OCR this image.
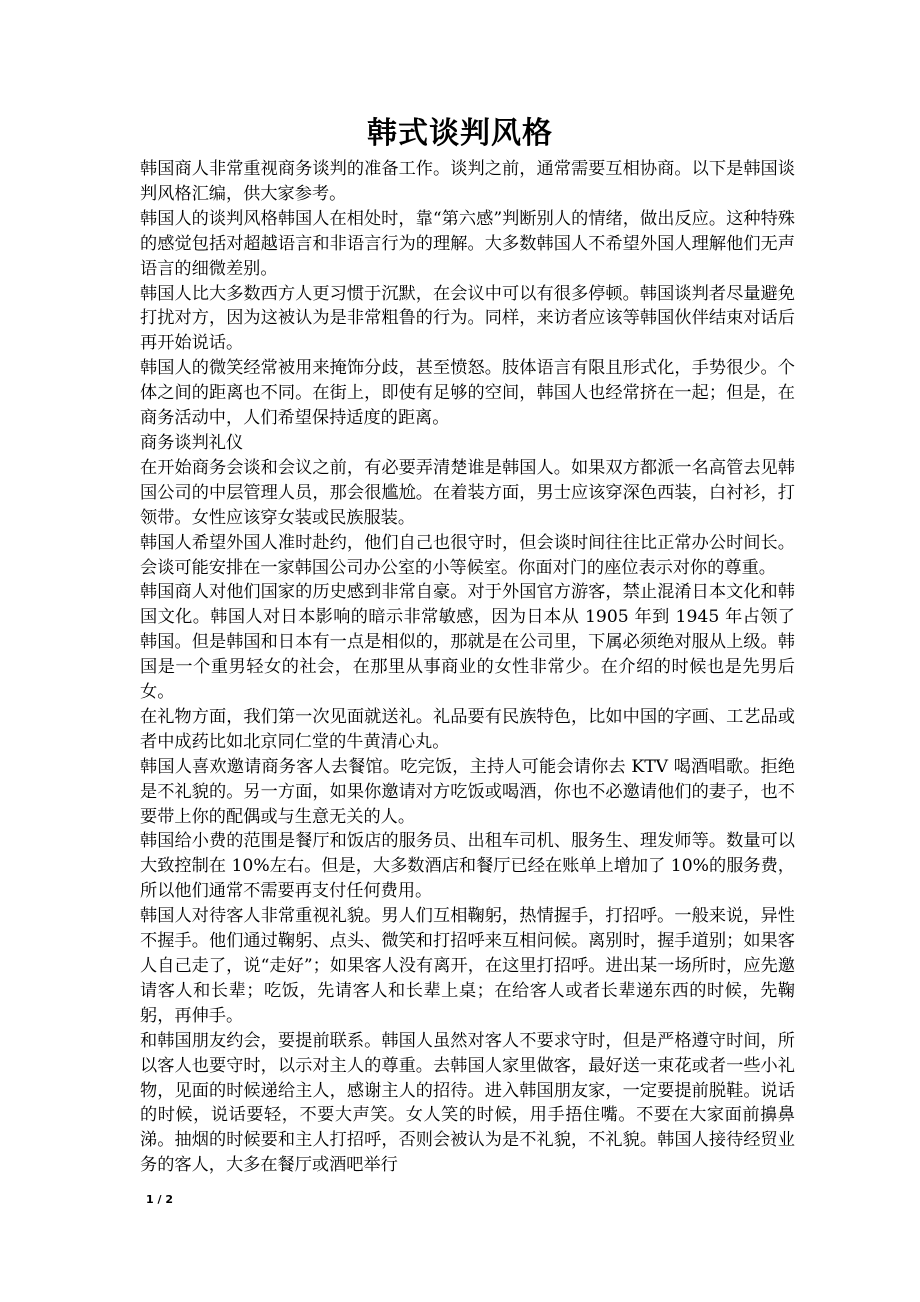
韩式谈判风格

韩国商人非常重视商务谈判的准备工作。谈判之前，通常需要互相协商。以下是韩国谈判风格汇编，供大家参考。

韩国人的谈判风格韩国人在相处时，靠“第六感”判断别人的情绪，做出反应。这种特殊的感觉包括对超越语言和非语言行为的理解。大多数韩国人不希望外国人理解他们无声语言的细微差别。

韩国人比大多数西方人更习惯于沉默，在会议中可以有很多停顿。韩国谈判者尽量避免打扰对方，因为这被认为是非常粗鲁的行为。同样，来访者应该等韩国伙伴结束对话后再开始说话。

韩国人的微笑经常被用来掩饰分歧，甚至愤怒。肢体语言有限且形式化，手势很少。个体之间的距离也不同。在街上，即使有足够的空间，韩国人也经常挤在一起；但是，在商务活动中，人们希望保持适度的距离。

商务谈判礼仪

在开始商务会谈和会议之前，有必要弄清楚谁是韩国人。如果双方都派一名高管去见韩国公司的中层管理人员，那会很尴尬。在着装方面，男士应该穿深色西装，白衬衫，打领带。女性应该穿女装或民族服装。

韩国人希望外国人准时赴约，他们自己也很守时，但会谈时间往往比正常办公时间长。会谈可能安排在一家韩国公司办公室的小等候室。你面对门的座位表示对你的尊重。

韩国商人对他们国家的历史感到非常自豪。对于外国官方游客，禁止混淆日本文化和韩国文化。韩国人对日本影响的暗示非常敏感，因为日本从 1905 年到 1945 年占领了韩国。但是韩国和日本有一点是相似的，那就是在公司里，下属必须绝对服从上级。韩国是一个重男轻女的社会，在那里从事商业的女性非常少。在介绍的时候也是先男后女。

在礼物方面，我们第一次见面就送礼。礼品要有民族特色，比如中国的字画、工艺品或者中成药比如北京同仁堂的牛黄清心丸。

韩国人喜欢邀请商务客人去餐馆。吃完饭，主持人可能会请你去 KTV 喝酒唱歌。拒绝是不礼貌的。另一方面，如果你邀请对方吃饭或喝酒，你也不必邀请他们的妻子，也不要带上你的配偶或与生意无关的人。

韩国给小费的范围是餐厅和饭店的服务员、出租车司机、服务生、理发师等。数量可以大致控制在 10%左右。但是，大多数酒店和餐厅已经在账单上增加了 10%的服务费，所以他们通常不需要再支付任何费用。

韩国人对待客人非常重视礼貌。男人们互相鞠躬，热情握手，打招呼。一般来说，异性不握手。他们通过鞠躬、点头、微笑和打招呼来互相问候。离别时，握手道别；如果客人自己走了，说“走好”；如果客人没有离开，在这里打招呼。进出某一场所时，应先邀请客人和长辈；吃饭，先请客人和长辈上桌；在给客人或者长辈递东西的时候，先鞠躬，再伸手。

和韩国朋友约会，要提前联系。韩国人虽然对客人不要求守时，但是严格遵守时间，所以客人也要守时，以示对主人的尊重。去韩国人家里做客，最好送一束花或者一些小礼物，见面的时候递给主人，感谢主人的招待。进入韩国朋友家，一定要提前脱鞋。说话的时候，说话要轻，不要大声笑。女人笑的时候，用手捂住嘴。不要在大家面前擤鼻涕。抽烟的时候要和主人打招呼，否则会被认为是不礼貌，不礼貌。韩国人接待经贸业务的客人，大多在餐厅或酒吧举行

1 / 2
